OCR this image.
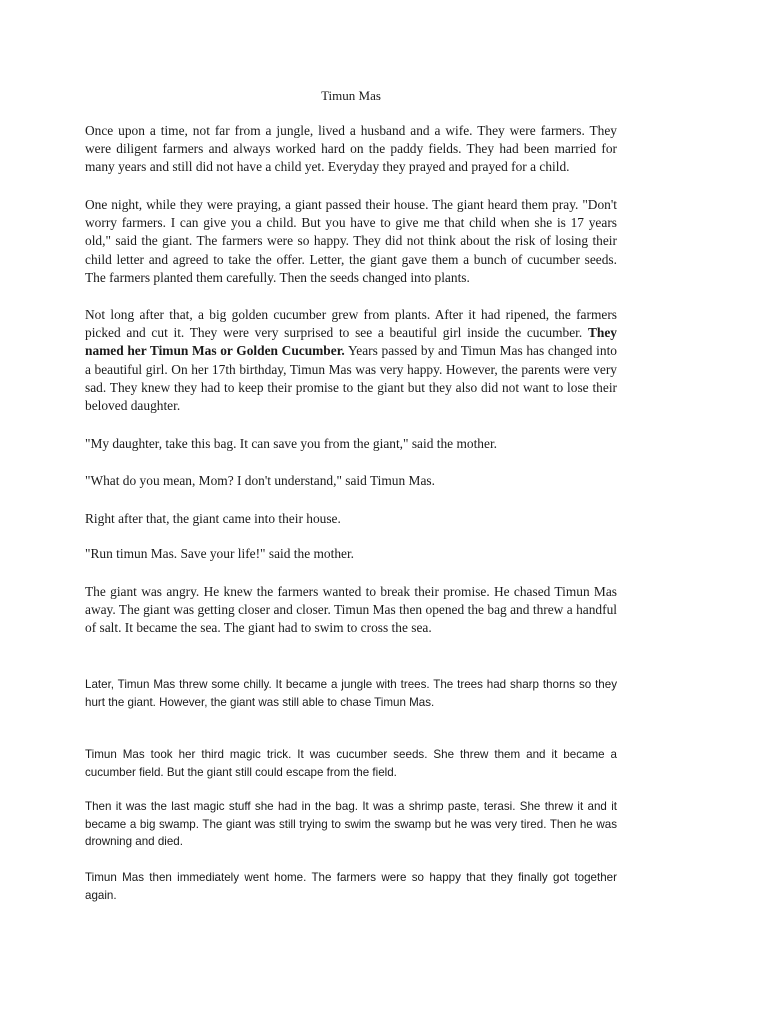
Timun Mas

Once upon a time, not far from a jungle, lived a husband and a wife. They were farmers. They were diligent farmers and always worked hard on the paddy fields. They had been married for many years and still did not have a child yet. Everyday they prayed and prayed for a child.

One night, while they were praying, a giant passed their house. The giant heard them pray. "Don't worry farmers. I can give you a child. But you have to give me that child when she is 17 years old," said the giant. The farmers were so happy. They did not think about the risk of losing their child letter and agreed to take the offer. Letter, the giant gave them a bunch of cucumber seeds. The farmers planted them carefully. Then the seeds changed into plants.

Not long after that, a big golden cucumber grew from plants. After it had ripened, the farmers picked and cut it. They were very surprised to see a beautiful girl inside the cucumber. They named her Timun Mas or Golden Cucumber. Years passed by and Timun Mas has changed into a beautiful girl. On her 17th birthday, Timun Mas was very happy. However, the parents were very sad. They knew they had to keep their promise to the giant but they also did not want to lose their beloved daughter.

"My daughter, take this bag. It can save you from the giant," said the mother.

"What do you mean, Mom? I don't understand," said Timun Mas.

Right after that, the giant came into their house.

"Run timun Mas. Save your life!" said the mother.

The giant was angry. He knew the farmers wanted to break their promise. He chased Timun Mas away. The giant was getting closer and closer. Timun Mas then opened the bag and threw a handful of salt. It became the sea. The giant had to swim to cross the sea.

Later, Timun Mas threw some chilly. It became a jungle with trees. The trees had sharp thorns so they hurt the giant. However, the giant was still able to chase Timun Mas.

Timun Mas took her third magic trick. It was cucumber seeds. She threw them and it became a cucumber field. But the giant still could escape from the field.

Then it was the last magic stuff she had in the bag. It was a shrimp paste, terasi. She threw it and it became a big swamp. The giant was still trying to swim the swamp but he was very tired. Then he was drowning and died.

Timun Mas then immediately went home. The farmers were so happy that they finally got together again.
